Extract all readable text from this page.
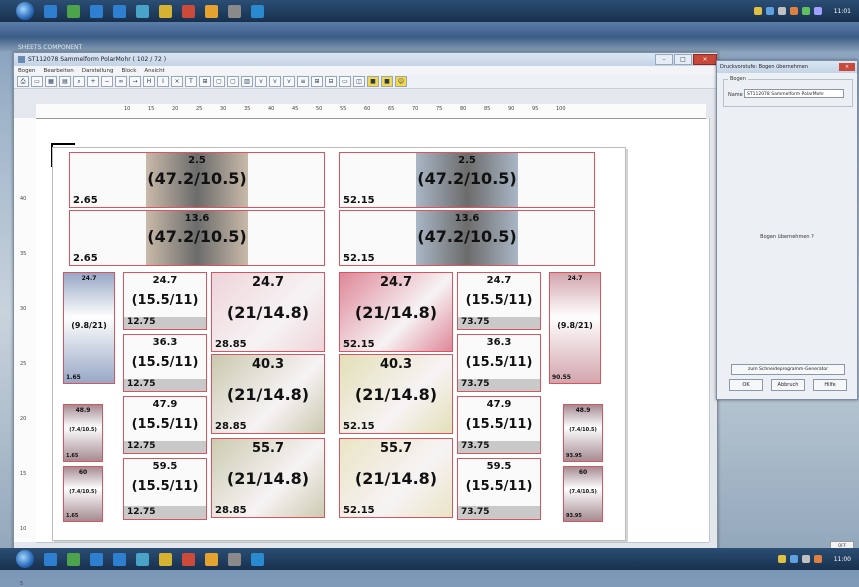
11:01
SHEETS COMPONENT
ST112078 Sammelform PolarMohr ( 102 / 72 )	–	□	×
Bogen Bearbeiten Darstellung Block Ansicht
⎙	▭	▦	▤	⌕	+	−	∞	→	H	I	×	T	⊞	▢	▢	▥	⋎	⋎	⋎	≡	⊞	⊟	▭	◫	■	■	☺
10	15	20	25	30	35	40	45	50	55	60	65	70	75	80	85	90	95	100
40
35
30
25
20
15
10
5
2.5
(47.2/10.5)
2.65
2.5
(47.2/10.5)
52.15
13.6
(47.2/10.5)
2.65
13.6
(47.2/10.5)
52.15
24.7
(9.8/21)
1.65
24.7
(15.5/11)
12.75
24.7
(21/14.8)
28.85
24.7
(21/14.8)
52.15
24.7
(15.5/11)
73.75
24.7
(9.8/21)
90.55
36.3
(15.5/11)
12.75
36.3
(15.5/11)
73.75
40.3
(21/14.8)
28.85
40.3
(21/14.8)
52.15
47.9
(15.5/11)
12.75
47.9
(15.5/11)
73.75
48.9
(7.4/10.5)
1.65
48.9
(7.4/10.5)
93.95
55.7
(21/14.8)
28.85
55.7
(21/14.8)
52.15
59.5
(15.5/11)
12.75
59.5
(15.5/11)
73.75
60
(7.4/10.5)
1.65
60
(7.4/10.5)
93.95
Druckvorstufe: Bogen übernehmen	×
Bogen
Name ST112078 Sammelform PolarMohr
Bogen übernehmen ?
zum Schneideprogramm-Generator
OK	Abbruch	Hilfe
OFF
11:00
